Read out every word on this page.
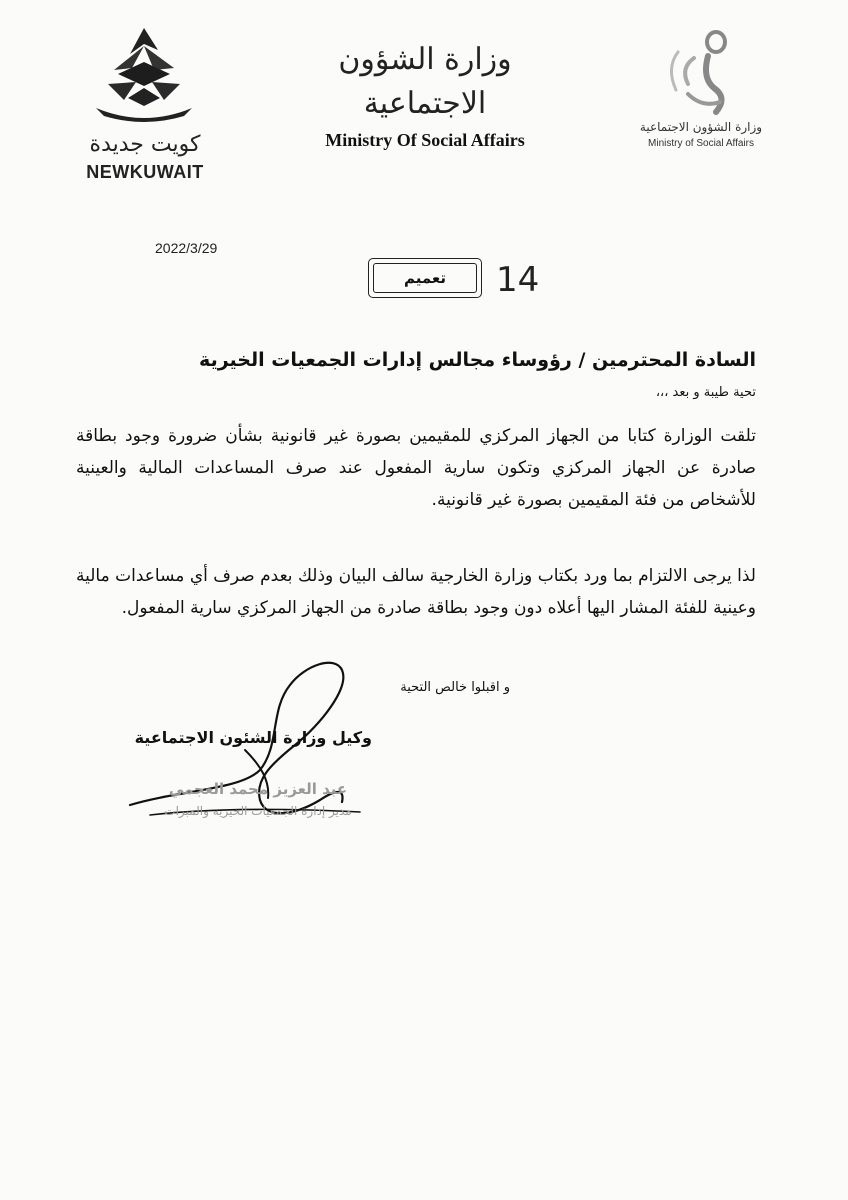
كويت جديدة
NEWKUWAIT
وزارة الشؤون الاجتماعية
Ministry Of Social Affairs
وزارة الشؤون الاجتماعية
Ministry of Social Affairs
2022/3/29
تعميم	14
السادة المحترمين / رؤوساء مجالس إدارات الجمعيات الخيرية
تحية طيبة و بعد ،،،
تلقت الوزارة كتابا من الجهاز المركزي للمقيمين بصورة غير قانونية بشأن ضرورة وجود بطاقة صادرة عن الجهاز المركزي وتكون سارية المفعول عند صرف المساعدات المالية والعينية للأشخاص من فئة المقيمين بصورة غير قانونية.
لذا يرجى الالتزام بما ورد بكتاب وزارة الخارجية سالف البيان وذلك بعدم صرف أي مساعدات مالية وعينية للفئة المشار اليها أعلاه دون وجود بطاقة صادرة من الجهاز المركزي سارية المفعول.
و اقبلوا خالص التحية
وكيل وزارة الشئون الاجتماعية
عبد العزيز محمد العجمي
مدير إدارة الجمعيات الخيرية والمبرات
